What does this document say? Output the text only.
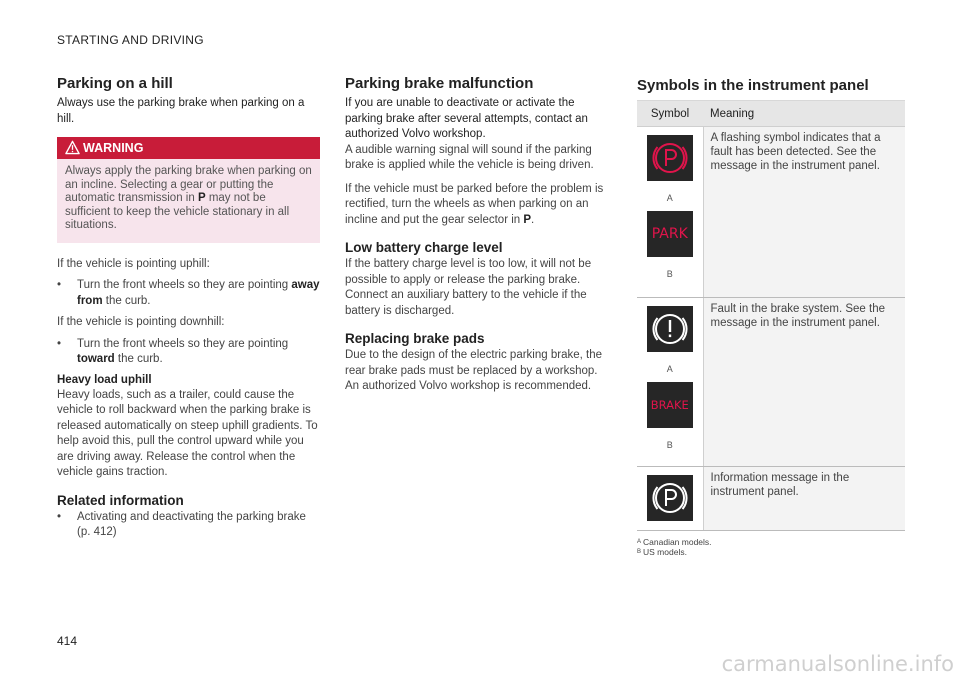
STARTING AND DRIVING
414
carmanualsonline.info
Parking on a hill

Always use the parking brake when parking on a hill.

WARNING
Always apply the parking brake when parking on an incline. Selecting a gear or putting the automatic transmission in P may not be sufficient to keep the vehicle stationary in all situations.

If the vehicle is pointing uphill:

• Turn the front wheels so they are pointing away from the curb.

If the vehicle is pointing downhill:

• Turn the front wheels so they are pointing toward the curb.
Heavy load uphill

Heavy loads, such as a trailer, could cause the vehicle to roll backward when the parking brake is released automatically on steep uphill gradients. To help avoid this, pull the control upward while you are driving away. Release the control when the vehicle gains traction.

Related information
• Activating and deactivating the parking brake (p. 412)
Parking brake malfunction

If you are unable to deactivate or activate the parking brake after several attempts, contact an authorized Volvo workshop.

A audible warning signal will sound if the parking brake is applied while the vehicle is being driven.

If the vehicle must be parked before the problem is rectified, turn the wheels as when parking on an incline and put the gear selector in P.

Low battery charge level

If the battery charge level is too low, it will not be possible to apply or release the parking brake. Connect an auxiliary battery to the vehicle if the battery is discharged.

Replacing brake pads

Due to the design of the electric parking brake, the rear brake pads must be replaced by a workshop. An authorized Volvo workshop is recommended.

Symbols in the instrument panel
Symbol	Meaning

A
PARK
B	A flashing symbol indicates that a fault has been detected. See the message in the instrument panel.

A
BRAKE
B	Fault in the brake system. See the message in the instrument panel.

	Information message in the instrument panel.
$^A$ Canadian models.
$^B$ US models.
